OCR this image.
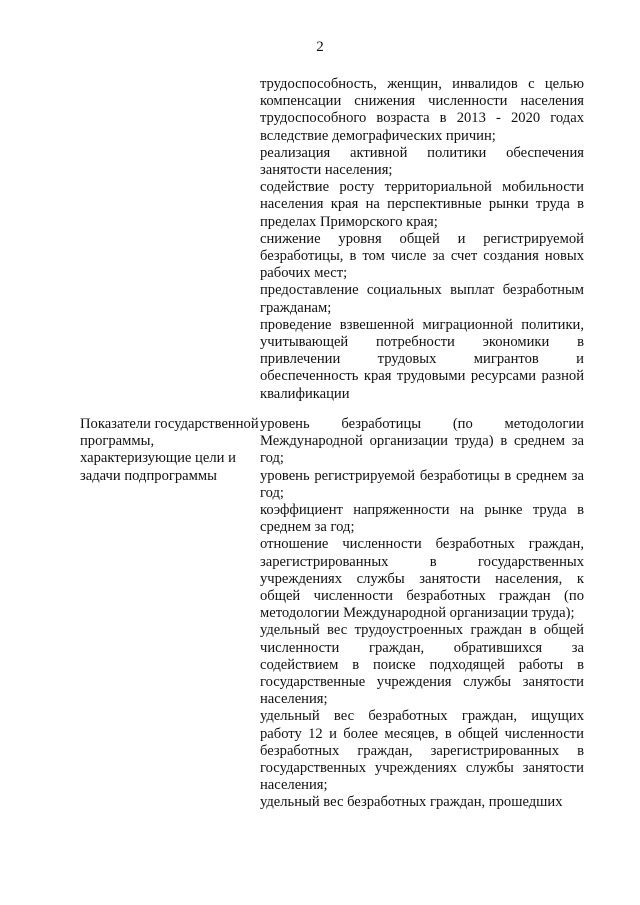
2

трудоспособность, женщин, инвалидов с целью компенсации снижения численности населения трудоспособного возраста в 2013 - 2020 годах вследствие демографических причин;

реализация активной политики обеспечения занятости населения;

содействие росту территориальной мобильности населения края на перспективные рынки труда в пределах Приморского края;

снижение уровня общей и регистрируемой безработицы, в том числе за счет создания новых рабочих мест;

предоставление социальных выплат безработным гражданам;

проведение взвешенной миграционной политики, учитывающей потребности экономики в привлечении трудовых мигрантов и обеспеченность края трудовыми ресурсами разной квалификации

Показатели государственной программы, характеризующие цели и задачи подпрограммы

уровень безработицы (по методологии Международной организации труда) в среднем за год;

уровень регистрируемой безработицы в среднем за год;

коэффициент напряженности на рынке труда в среднем за год;

отношение численности безработных граждан, зарегистрированных в государственных учреждениях службы занятости населения, к общей численности безработных граждан (по методологии Международной организации труда);

удельный вес трудоустроенных граждан в общей численности граждан, обратившихся за содействием в поиске подходящей работы в государственные учреждения службы занятости населения;

удельный вес безработных граждан, ищущих работу 12 и более месяцев, в общей численности безработных граждан, зарегистрированных в государственных учреждениях службы занятости населения;

удельный вес безработных граждан, прошедших
